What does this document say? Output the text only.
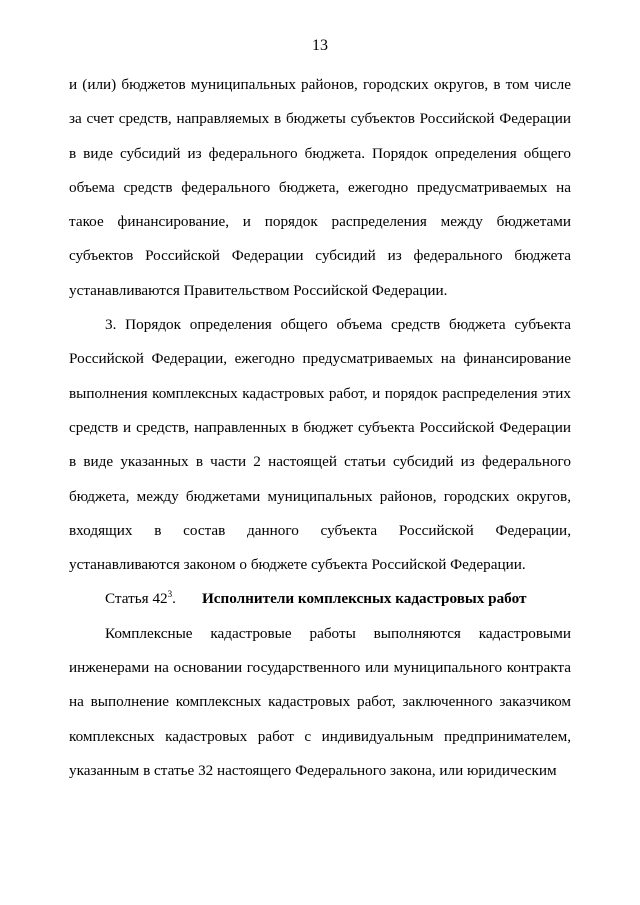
13

и (или) бюджетов муниципальных районов, городских округов, в том числе за счет средств, направляемых в бюджеты субъектов Российской Федерации в виде субсидий из федерального бюджета. Порядок определения общего объема средств федерального бюджета, ежегодно предусматриваемых на такое финансирование, и порядок распределения между бюджетами субъектов Российской Федерации субсидий из федерального бюджета устанавливаются Правительством Российской Федерации.

3. Порядок определения общего объема средств бюджета субъекта Российской Федерации, ежегодно предусматриваемых на финансирование выполнения комплексных кадастровых работ, и порядок распределения этих средств и средств, направленных в бюджет субъекта Российской Федерации в виде указанных в части 2 настоящей статьи субсидий из федерального бюджета, между бюджетами муниципальных районов, городских округов, входящих в состав данного субъекта Российской Федерации, устанавливаются законом о бюджете субъекта Российской Федерации.

Статья $42^3$. Исполнители комплексных кадастровых работ

Комплексные кадастровые работы выполняются кадастровыми инженерами на основании государственного или муниципального контракта на выполнение комплексных кадастровых работ, заключенного заказчиком комплексных кадастровых работ с индивидуальным предпринимателем, указанным в статье 32 настоящего Федерального закона, или юридическим
